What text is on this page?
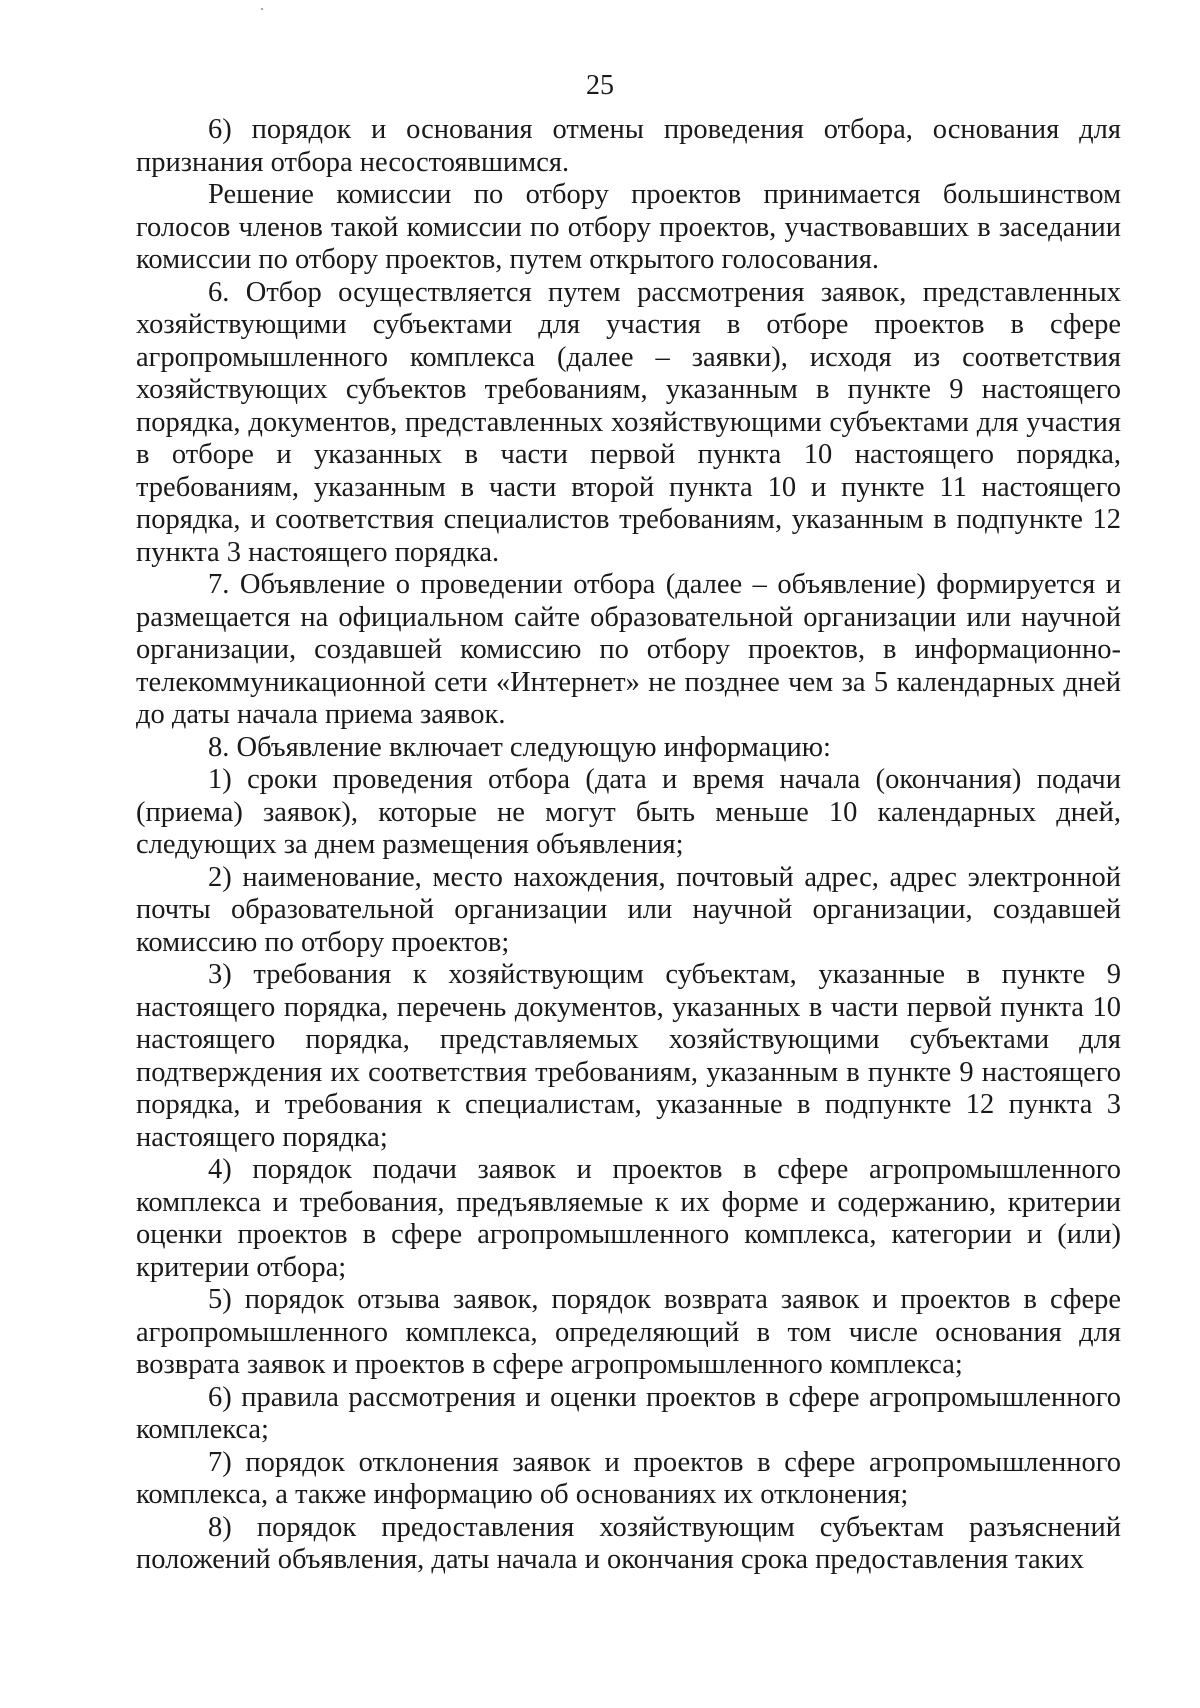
25

6) порядок и основания отмены проведения отбора, основания для признания отбора несостоявшимся.

Решение комиссии по отбору проектов принимается большинством голосов членов такой комиссии по отбору проектов, участвовавших в заседании комиссии по отбору проектов, путем открытого голосования.

6. Отбор осуществляется путем рассмотрения заявок, представленных хозяйствующими субъектами для участия в отборе проектов в сфере агропромышленного комплекса (далее – заявки), исходя из соответствия хозяйствующих субъектов требованиям, указанным в пункте 9 настоящего порядка, документов, представленных хозяйствующими субъектами для участия в отборе и указанных в части первой пункта 10 настоящего порядка, требованиям, указанным в части второй пункта 10 и пункте 11 настоящего порядка, и соответствия специалистов требованиям, указанным в подпункте 12 пункта 3 настоящего порядка.

7. Объявление о проведении отбора (далее – объявление) формируется и размещается на официальном сайте образовательной организации или научной организации, создавшей комиссию по отбору проектов, в информационно-телекоммуникационной сети «Интернет» не позднее чем за 5 календарных дней до даты начала приема заявок.

8. Объявление включает следующую информацию:

1) сроки проведения отбора (дата и время начала (окончания) подачи (приема) заявок), которые не могут быть меньше 10 календарных дней, следующих за днем размещения объявления;

2) наименование, место нахождения, почтовый адрес, адрес электронной почты образовательной организации или научной организации, создавшей комиссию по отбору проектов;

3) требования к хозяйствующим субъектам, указанные в пункте 9 настоящего порядка, перечень документов, указанных в части первой пункта 10 настоящего порядка, представляемых хозяйствующими субъектами для подтверждения их соответствия требованиям, указанным в пункте 9 настоящего порядка, и требования к специалистам, указанные в подпункте 12 пункта 3 настоящего порядка;

4) порядок подачи заявок и проектов в сфере агропромышленного комплекса и требования, предъявляемые к их форме и содержанию, критерии оценки проектов в сфере агропромышленного комплекса, категории и (или) критерии отбора;

5) порядок отзыва заявок, порядок возврата заявок и проектов в сфере агропромышленного комплекса, определяющий в том числе основания для возврата заявок и проектов в сфере агропромышленного комплекса;

6) правила рассмотрения и оценки проектов в сфере агропромышленного комплекса;

7) порядок отклонения заявок и проектов в сфере агропромышленного комплекса, а также информацию об основаниях их отклонения;

8) порядок предоставления хозяйствующим субъектам разъяснений положений объявления, даты начала и окончания срока предоставления таких
